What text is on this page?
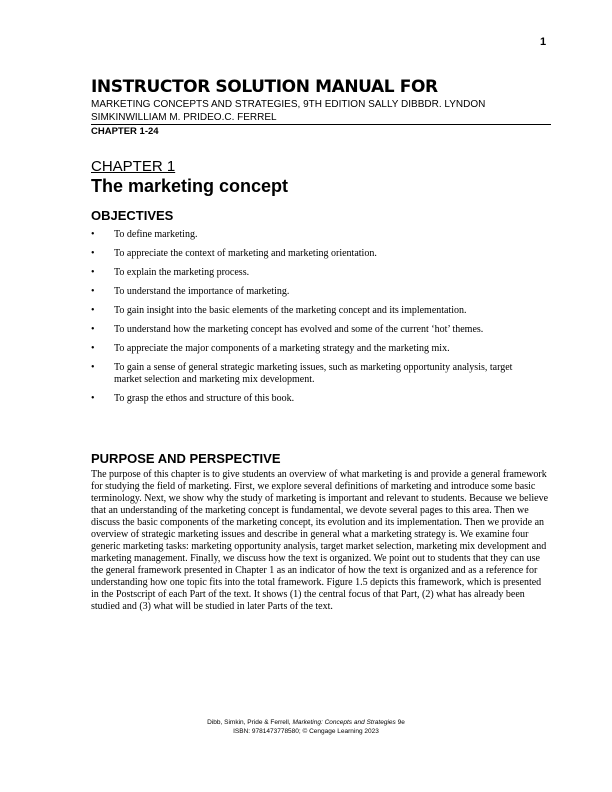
1
INSTRUCTOR SOLUTION MANUAL FOR
MARKETING CONCEPTS AND STRATEGIES, 9TH EDITION SALLY DIBBDR. LYNDON SIMKINWILLIAM M. PRIDEO.C. FERREL
CHAPTER 1-24
CHAPTER 1
The marketing concept
OBJECTIVES
• To define marketing.
• To appreciate the context of marketing and marketing orientation.
• To explain the marketing process.
• To understand the importance of marketing.
• To gain insight into the basic elements of the marketing concept and its implementation.
• To understand how the marketing concept has evolved and some of the current ‘hot’ themes.
• To appreciate the major components of a marketing strategy and the marketing mix.
• To gain a sense of general strategic marketing issues, such as marketing opportunity analysis, target market selection and marketing mix development.
• To grasp the ethos and structure of this book.
PURPOSE AND PERSPECTIVE

The purpose of this chapter is to give students an overview of what marketing is and provide a general framework for studying the field of marketing. First, we explore several definitions of marketing and introduce some basic terminology. Next, we show why the study of marketing is important and relevant to students. Because we believe that an understanding of the marketing concept is fundamental, we devote several pages to this area. Then we discuss the basic components of the marketing concept, its evolution and its implementation. Then we provide an overview of strategic marketing issues and describe in general what a marketing strategy is. We examine four generic marketing tasks: marketing opportunity analysis, target market selection, marketing mix development and marketing management. Finally, we discuss how the text is organized. We point out to students that they can use the general framework presented in Chapter 1 as an indicator of how the text is organized and as a reference for understanding how one topic fits into the total framework. Figure 1.5 depicts this framework, which is presented in the Postscript of each Part of the text. It shows (1) the central focus of that Part, (2) what has already been studied and (3) what will be studied in later Parts of the text.

Dibb, Simkin, Pride & Ferrell, Marketing: Concepts and Strategies 9e
ISBN: 9781473778580; © Cengage Learning 2023
